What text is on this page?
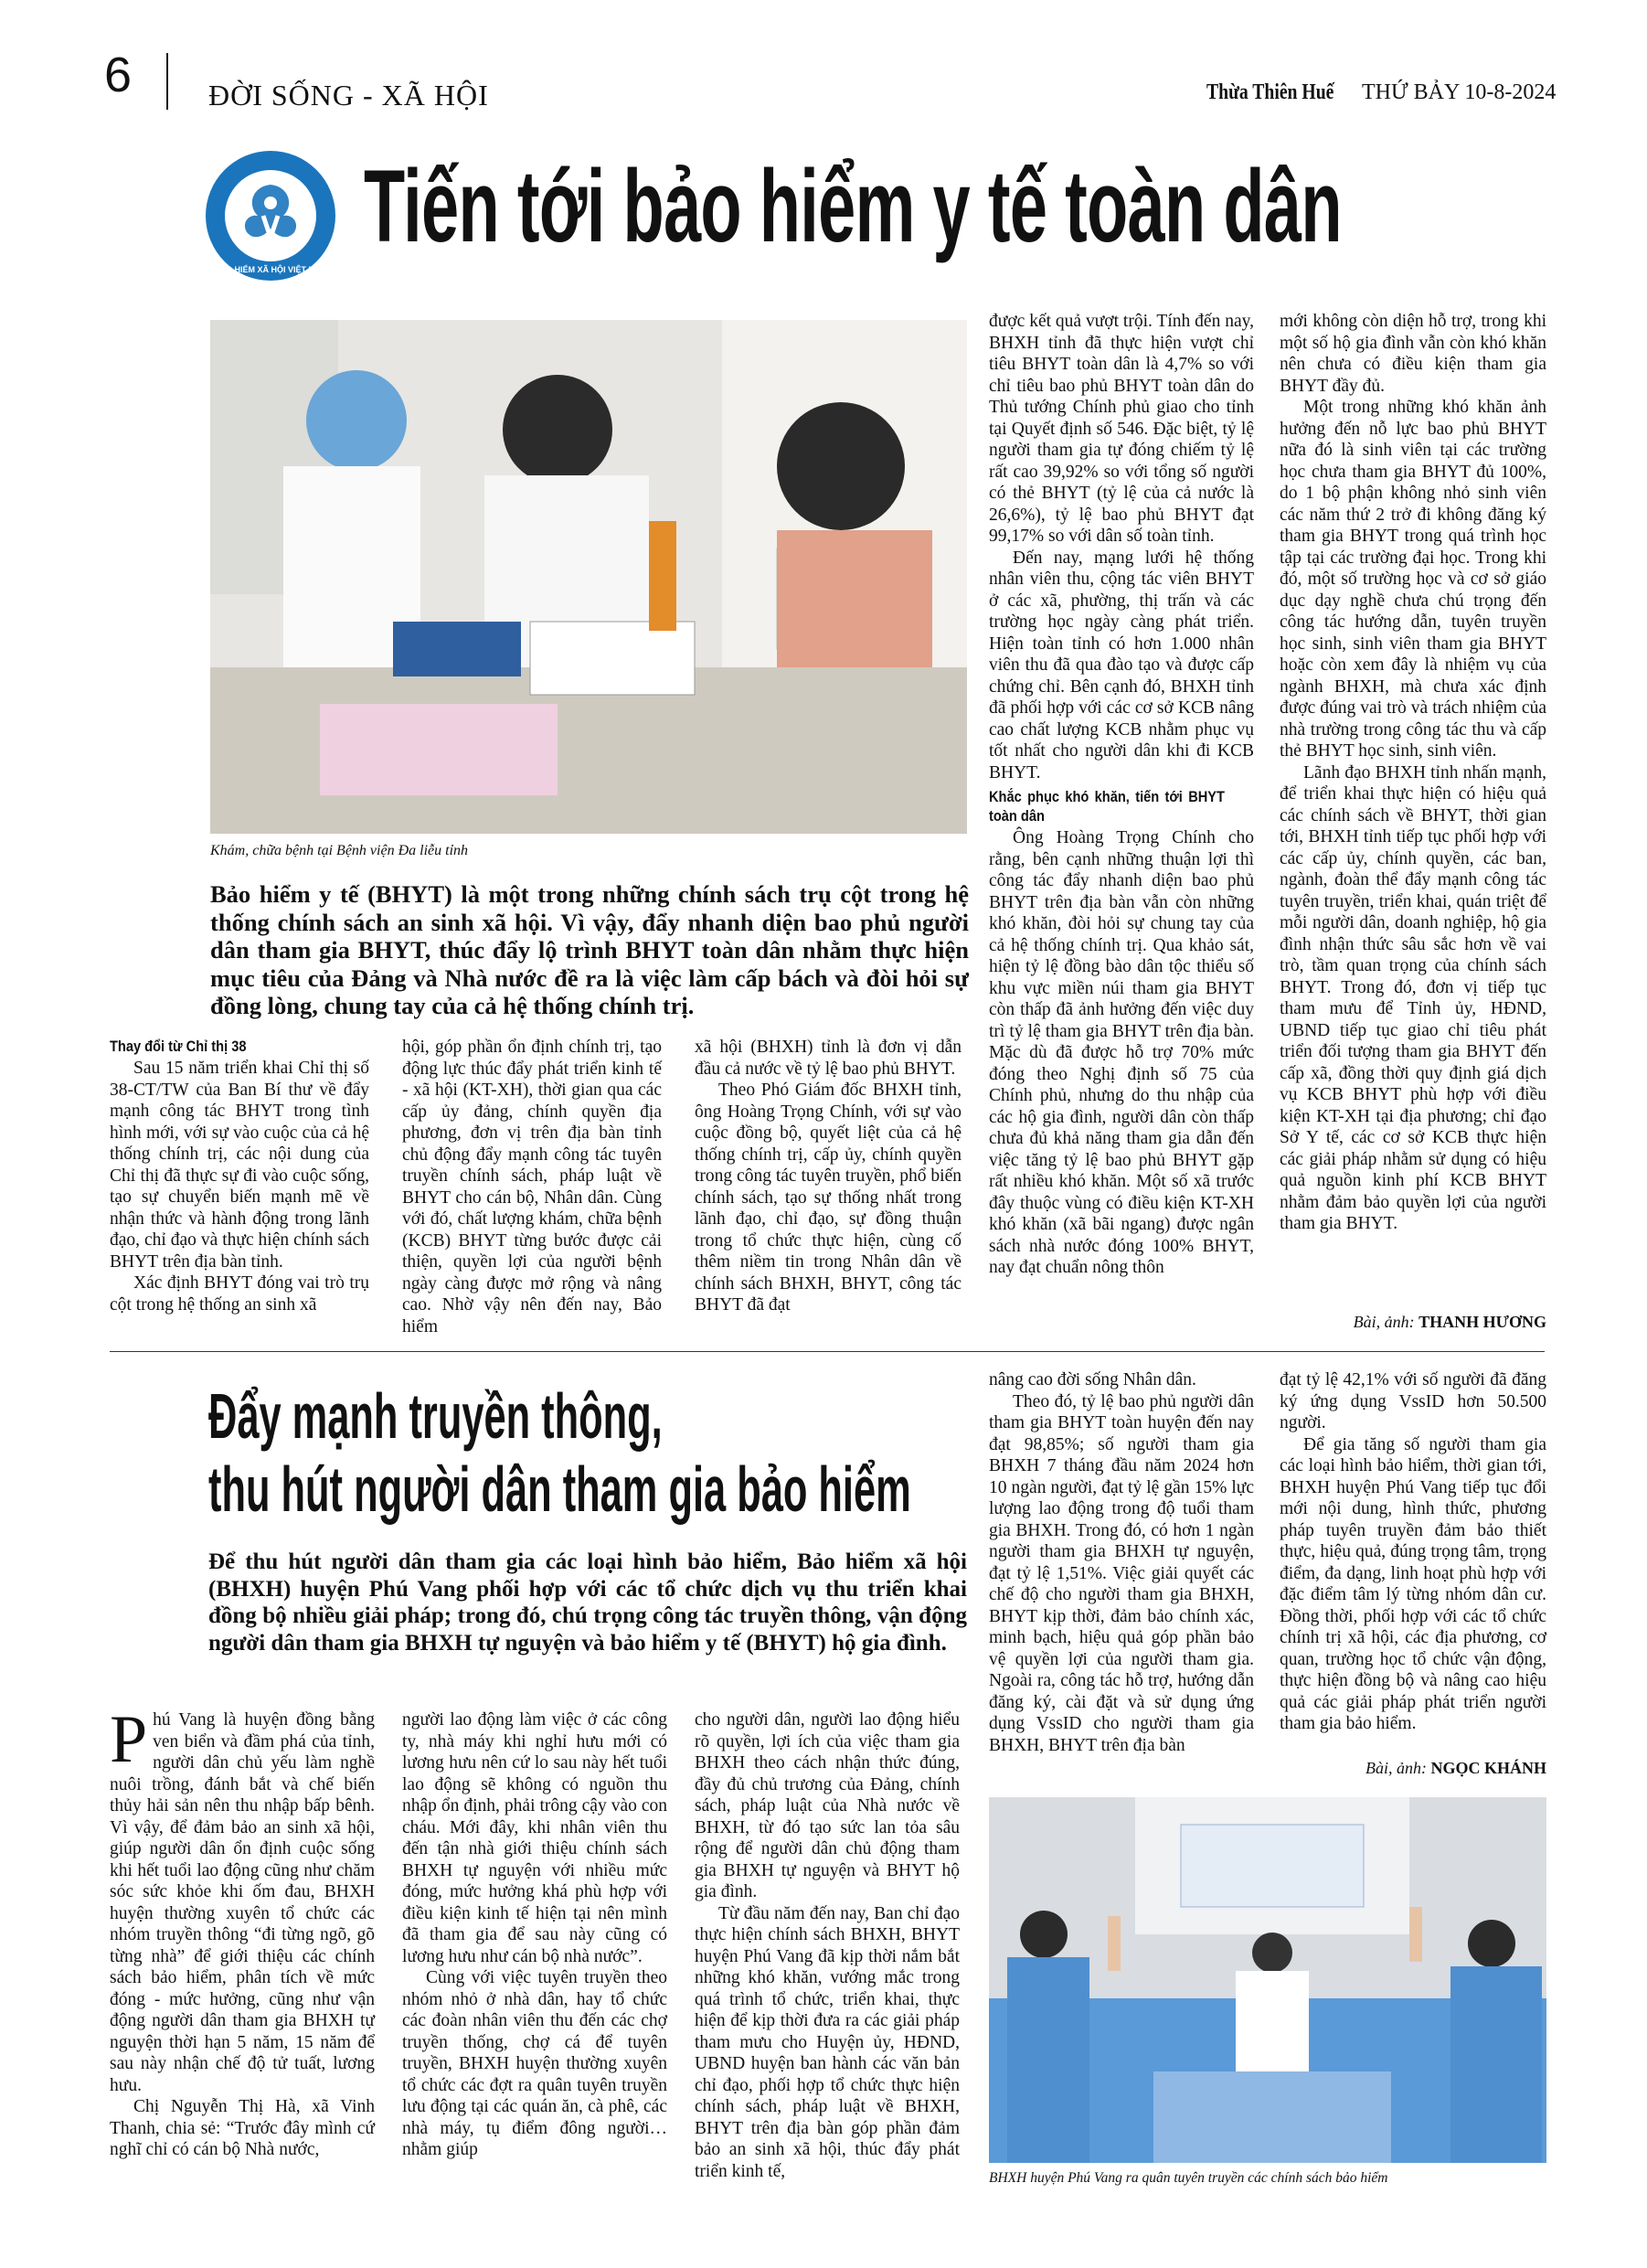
6	ĐỜI SỐNG - XÃ HỘI	Thừa Thiên Huế THỨ BẢY 10-8-2024
BẢO HIỂM XÃ HỘI VIỆT NAM
Tiến tới bảo hiểm y tế toàn dân
Khám, chữa bệnh tại Bệnh viện Đa liễu tỉnh
Bảo hiểm y tế (BHYT) là một trong những chính sách trụ cột trong hệ thống chính sách an sinh xã hội. Vì vậy, đẩy nhanh diện bao phủ người dân tham gia BHYT, thúc đẩy lộ trình BHYT toàn dân nhằm thực hiện mục tiêu của Đảng và Nhà nước đề ra là việc làm cấp bách và đòi hỏi sự đồng lòng, chung tay của cả hệ thống chính trị.
Thay đổi từ Chỉ thị 38

Sau 15 năm triển khai Chỉ thị số 38-CT/TW của Ban Bí thư về đẩy mạnh công tác BHYT trong tình hình mới, với sự vào cuộc của cả hệ thống chính trị, các nội dung của Chỉ thị đã thực sự đi vào cuộc sống, tạo sự chuyển biến mạnh mẽ về nhận thức và hành động trong lãnh đạo, chỉ đạo và thực hiện chính sách BHYT trên địa bàn tỉnh.

Xác định BHYT đóng vai trò trụ cột trong hệ thống an sinh xã

hội, góp phần ổn định chính trị, tạo động lực thúc đẩy phát triển kinh tế - xã hội (KT-XH), thời gian qua các cấp ủy đảng, chính quyền địa phương, đơn vị trên địa bàn tỉnh chủ động đẩy mạnh công tác tuyên truyền chính sách, pháp luật về BHYT cho cán bộ, Nhân dân. Cùng với đó, chất lượng khám, chữa bệnh (KCB) BHYT từng bước được cải thiện, quyền lợi của người bệnh ngày càng được mở rộng và nâng cao. Nhờ vậy nên đến nay, Bảo hiểm

xã hội (BHXH) tỉnh là đơn vị dẫn đầu cả nước về tỷ lệ bao phủ BHYT.

Theo Phó Giám đốc BHXH tỉnh, ông Hoàng Trọng Chính, với sự vào cuộc đồng bộ, quyết liệt của cả hệ thống chính trị, cấp ủy, chính quyền trong công tác tuyên truyền, phổ biến chính sách, tạo sự thống nhất trong lãnh đạo, chỉ đạo, sự đồng thuận trong tổ chức thực hiện, cùng cố thêm niềm tin trong Nhân dân về chính sách BHXH, BHYT, công tác BHYT đã đạt

được kết quả vượt trội. Tính đến nay, BHXH tỉnh đã thực hiện vượt chỉ tiêu BHYT toàn dân là 4,7% so với chỉ tiêu bao phủ BHYT toàn dân do Thủ tướng Chính phủ giao cho tỉnh tại Quyết định số 546. Đặc biệt, tỷ lệ người tham gia tự đóng chiếm tỷ lệ rất cao 39,92% so với tổng số người có thẻ BHYT (tỷ lệ của cả nước là 26,6%), tỷ lệ bao phủ BHYT đạt 99,17% so với dân số toàn tỉnh.

Đến nay, mạng lưới hệ thống nhân viên thu, cộng tác viên BHYT ở các xã, phường, thị trấn và các trường học ngày càng phát triển. Hiện toàn tỉnh có hơn 1.000 nhân viên thu đã qua đào tạo và được cấp chứng chỉ. Bên cạnh đó, BHXH tỉnh đã phối hợp với các cơ sở KCB nâng cao chất lượng KCB nhằm phục vụ tốt nhất cho người dân khi đi KCB BHYT.

Khắc phục khó khăn, tiến tới BHYT toàn dân

Ông Hoàng Trọng Chính cho rằng, bên cạnh những thuận lợi thì công tác đẩy nhanh diện bao phủ BHYT trên địa bàn vẫn còn những khó khăn, đòi hỏi sự chung tay của cả hệ thống chính trị. Qua khảo sát, hiện tỷ lệ đồng bào dân tộc thiểu số khu vực miền núi tham gia BHYT còn thấp đã ảnh hưởng đến việc duy trì tỷ lệ tham gia BHYT trên địa bàn. Mặc dù đã được hỗ trợ 70% mức đóng theo Nghị định số 75 của Chính phủ, nhưng do thu nhập của các hộ gia đình, người dân còn thấp chưa đủ khả năng tham gia dẫn đến việc tăng tỷ lệ bao phủ BHYT gặp rất nhiều khó khăn. Một số xã trước đây thuộc vùng có điều kiện KT-XH khó khăn (xã bãi ngang) được ngân sách nhà nước đóng 100% BHYT, nay đạt chuẩn nông thôn

mới không còn diện hỗ trợ, trong khi một số hộ gia đình vẫn còn khó khăn nên chưa có điều kiện tham gia BHYT đầy đủ.

Một trong những khó khăn ảnh hưởng đến nỗ lực bao phủ BHYT nữa đó là sinh viên tại các trường học chưa tham gia BHYT đủ 100%, do 1 bộ phận không nhỏ sinh viên các năm thứ 2 trở đi không đăng ký tham gia BHYT trong quá trình học tập tại các trường đại học. Trong khi đó, một số trường học và cơ sở giáo dục dạy nghề chưa chú trọng đến công tác hướng dẫn, tuyên truyền học sinh, sinh viên tham gia BHYT hoặc còn xem đây là nhiệm vụ của ngành BHXH, mà chưa xác định được đúng vai trò và trách nhiệm của nhà trường trong công tác thu và cấp thẻ BHYT học sinh, sinh viên.

Lãnh đạo BHXH tỉnh nhấn mạnh, để triển khai thực hiện có hiệu quả các chính sách về BHYT, thời gian tới, BHXH tỉnh tiếp tục phối hợp với các cấp ủy, chính quyền, các ban, ngành, đoàn thể đẩy mạnh công tác tuyên truyền, triển khai, quán triệt để mỗi người dân, doanh nghiệp, hộ gia đình nhận thức sâu sắc hơn về vai trò, tầm quan trọng của chính sách BHYT. Trong đó, đơn vị tiếp tục tham mưu để Tỉnh ủy, HĐND, UBND tiếp tục giao chỉ tiêu phát triển đối tượng tham gia BHYT đến cấp xã, đồng thời quy định giá dịch vụ KCB BHYT phù hợp với điều kiện KT-XH tại địa phương; chỉ đạo Sở Y tế, các cơ sở KCB thực hiện các giải pháp nhằm sử dụng có hiệu quả nguồn kinh phí KCB BHYT nhằm đảm bảo quyền lợi của người tham gia BHYT.

Bài, ảnh: THANH HƯƠNG
Đẩy mạnh truyền thông,
thu hút người dân tham gia bảo hiểm
Để thu hút người dân tham gia các loại hình bảo hiểm, Bảo hiểm xã hội (BHXH) huyện Phú Vang phối hợp với các tổ chức dịch vụ thu triển khai đồng bộ nhiều giải pháp; trong đó, chú trọng công tác truyền thông, vận động người dân tham gia BHXH tự nguyện và bảo hiểm y tế (BHYT) hộ gia đình.

Phú Vang là huyện đồng bằng ven biển và đầm phá của tỉnh, người dân chủ yếu làm nghề nuôi trồng, đánh bắt và chế biến thủy hải sản nên thu nhập bấp bênh. Vì vậy, để đảm bảo an sinh xã hội, giúp người dân ổn định cuộc sống khi hết tuổi lao động cũng như chăm sóc sức khỏe khi ốm đau, BHXH huyện thường xuyên tổ chức các nhóm truyền thông “đi từng ngõ, gõ từng nhà” để giới thiệu các chính sách bảo hiểm, phân tích về mức đóng - mức hưởng, cũng như vận động người dân tham gia BHXH tự nguyện thời hạn 5 năm, 15 năm để sau này nhận chế độ tử tuất, lương hưu.

Chị Nguyễn Thị Hà, xã Vinh Thanh, chia sẻ: “Trước đây mình cứ nghĩ chỉ có cán bộ Nhà nước,

người lao động làm việc ở các công ty, nhà máy khi nghỉ hưu mới có lương hưu nên cứ lo sau này hết tuổi lao động sẽ không có nguồn thu nhập ổn định, phải trông cậy vào con cháu. Mới đây, khi nhân viên thu đến tận nhà giới thiệu chính sách BHXH tự nguyện với nhiều mức đóng, mức hưởng khá phù hợp với điều kiện kinh tế hiện tại nên mình đã tham gia để sau này cũng có lương hưu như cán bộ nhà nước”.

Cùng với việc tuyên truyền theo nhóm nhỏ ở nhà dân, hay tổ chức các đoàn nhân viên thu đến các chợ truyền thống, chợ cá để tuyên truyền, BHXH huyện thường xuyên tổ chức các đợt ra quân tuyên truyền lưu động tại các quán ăn, cà phê, các nhà máy, tụ điểm đông người… nhằm giúp

cho người dân, người lao động hiểu rõ quyền, lợi ích của việc tham gia BHXH theo cách nhận thức đúng, đầy đủ chủ trương của Đảng, chính sách, pháp luật của Nhà nước về BHXH, từ đó tạo sức lan tỏa sâu rộng để người dân chủ động tham gia BHXH tự nguyện và BHYT hộ gia đình.

Từ đầu năm đến nay, Ban chỉ đạo thực hiện chính sách BHXH, BHYT huyện Phú Vang đã kịp thời nắm bắt những khó khăn, vướng mắc trong quá trình tổ chức, triển khai, thực hiện để kịp thời đưa ra các giải pháp tham mưu cho Huyện ủy, HĐND, UBND huyện ban hành các văn bản chỉ đạo, phối hợp tổ chức thực hiện chính sách, pháp luật về BHXH, BHYT trên địa bàn góp phần đảm bảo an sinh xã hội, thúc đẩy phát triển kinh tế,

nâng cao đời sống Nhân dân.

Theo đó, tỷ lệ bao phủ người dân tham gia BHYT toàn huyện đến nay đạt 98,85%; số người tham gia BHXH 7 tháng đầu năm 2024 hơn 10 ngàn người, đạt tỷ lệ gần 15% lực lượng lao động trong độ tuổi tham gia BHXH. Trong đó, có hơn 1 ngàn người tham gia BHXH tự nguyện, đạt tỷ lệ 1,51%. Việc giải quyết các chế độ cho người tham gia BHXH, BHYT kịp thời, đảm bảo chính xác, minh bạch, hiệu quả góp phần bảo vệ quyền lợi của người tham gia. Ngoài ra, công tác hỗ trợ, hướng dẫn đăng ký, cài đặt và sử dụng ứng dụng VssID cho người tham gia BHXH, BHYT trên địa bàn

đạt tỷ lệ 42,1% với số người đã đăng ký ứng dụng VssID hơn 50.500 người.

Để gia tăng số người tham gia các loại hình bảo hiểm, thời gian tới, BHXH huyện Phú Vang tiếp tục đổi mới nội dung, hình thức, phương pháp tuyên truyền đảm bảo thiết thực, hiệu quả, đúng trọng tâm, trọng điểm, đa dạng, linh hoạt phù hợp với đặc điểm tâm lý từng nhóm dân cư. Đồng thời, phối hợp với các tổ chức chính trị xã hội, các địa phương, cơ quan, trường học tổ chức vận động, thực hiện đồng bộ và nâng cao hiệu quả các giải pháp phát triển người tham gia bảo hiểm.

Bài, ảnh: NGỌC KHÁNH
BHXH huyện Phú Vang ra quân tuyên truyền các chính sách bảo hiểm
